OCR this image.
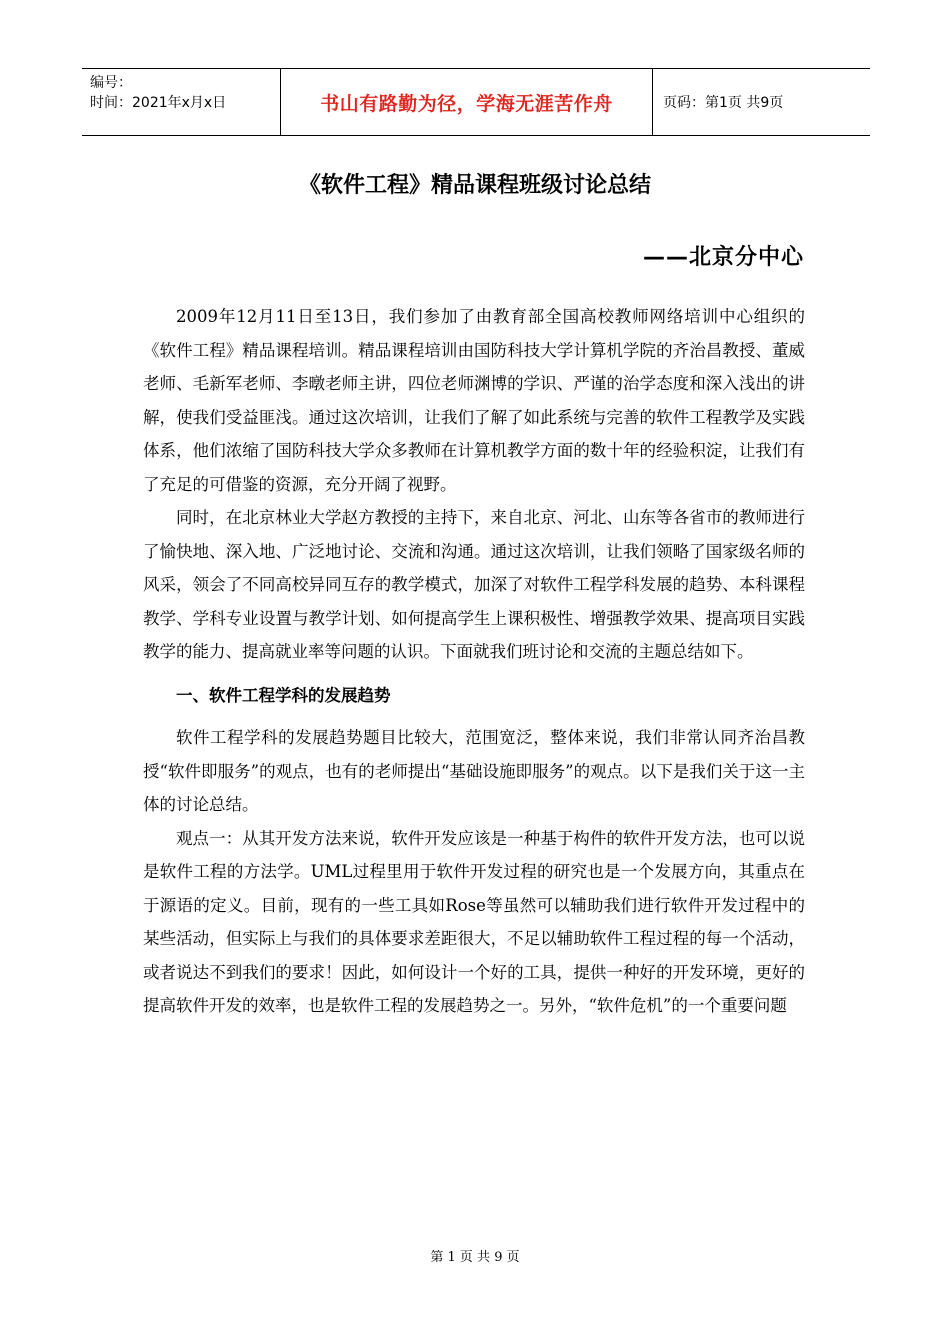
编号：
时间：2021年x月x日	书山有路勤为径，学海无涯苦作舟	页码：第1页 共9页
《软件工程》精品课程班级讨论总结
——北京分中心

2009年12月11日至13日，我们参加了由教育部全国高校教师网络培训中心组织的《软件工程》精品课程培训。精品课程培训由国防科技大学计算机学院的齐治昌教授、董威老师、毛新军老师、李暾老师主讲，四位老师渊博的学识、严谨的治学态度和深入浅出的讲解，使我们受益匪浅。通过这次培训，让我们了解了如此系统与完善的软件工程教学及实践体系，他们浓缩了国防科技大学众多教师在计算机教学方面的数十年的经验积淀，让我们有了充足的可借鉴的资源，充分开阔了视野。

同时，在北京林业大学赵方教授的主持下，来自北京、河北、山东等各省市的教师进行了愉快地、深入地、广泛地讨论、交流和沟通。通过这次培训，让我们领略了国家级名师的风采，领会了不同高校异同互存的教学模式，加深了对软件工程学科发展的趋势、本科课程教学、学科专业设置与教学计划、如何提高学生上课积极性、增强教学效果、提高项目实践教学的能力、提高就业率等问题的认识。下面就我们班讨论和交流的主题总结如下。

一、软件工程学科的发展趋势

软件工程学科的发展趋势题目比较大，范围宽泛，整体来说，我们非常认同齐治昌教授“软件即服务”的观点，也有的老师提出“基础设施即服务”的观点。以下是我们关于这一主体的讨论总结。

观点一：从其开发方法来说，软件开发应该是一种基于构件的软件开发方法，也可以说是软件工程的方法学。UML过程里用于软件开发过程的研究也是一个发展方向，其重点在于源语的定义。目前，现有的一些工具如Rose等虽然可以辅助我们进行软件开发过程中的某些活动，但实际上与我们的具体要求差距很大，不足以辅助软件工程过程的每一个活动，或者说达不到我们的要求！因此，如何设计一个好的工具，提供一种好的开发环境，更好的提高软件开发的效率，也是软件工程的发展趋势之一。另外，“软件危机”的一个重要问题

第 1 页 共 9 页
